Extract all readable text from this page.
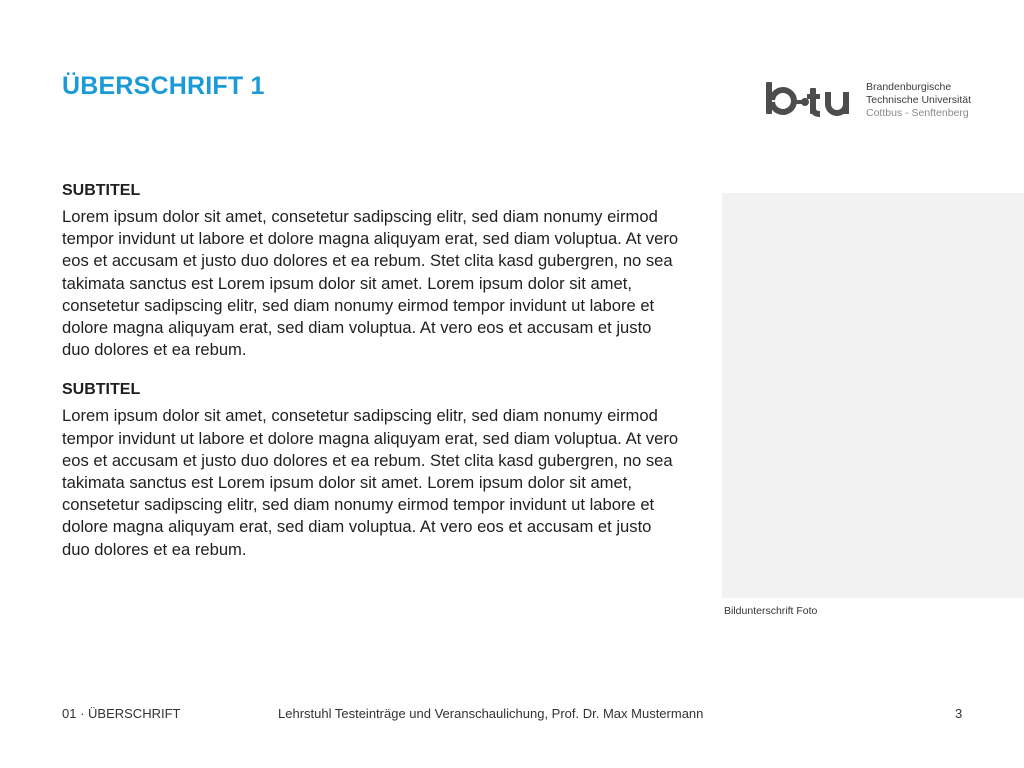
ÜBERSCHRIFT 1	Brandenburgische
Technische Universität
Cottbus - Senftenberg
SUBTITEL

Lorem ipsum dolor sit amet, consetetur sadipscing elitr, sed diam nonumy eirmod tempor invidunt ut labore et dolore magna aliquyam erat, sed diam voluptua. At vero eos et accusam et justo duo dolores et ea rebum. Stet clita kasd gubergren, no sea takimata sanctus est Lorem ipsum dolor sit amet. Lorem ipsum dolor sit amet, consetetur sadipscing elitr, sed diam nonumy eirmod tempor invidunt ut labore et dolore magna aliquyam erat, sed diam voluptua. At vero eos et accusam et justo duo dolores et ea rebum.

SUBTITEL

Lorem ipsum dolor sit amet, consetetur sadipscing elitr, sed diam nonumy eirmod tempor invidunt ut labore et dolore magna aliquyam erat, sed diam voluptua. At vero eos et accusam et justo duo dolores et ea rebum. Stet clita kasd gubergren, no sea takimata sanctus est Lorem ipsum dolor sit amet. Lorem ipsum dolor sit amet, consetetur sadipscing elitr, sed diam nonumy eirmod tempor invidunt ut labore et dolore magna aliquyam erat, sed diam voluptua. At vero eos et accusam et justo duo dolores et ea rebum.

Bildunterschrift Foto
01 · ÜBERSCHRIFT	Lehrstuhl Testeinträge und Veranschaulichung, Prof. Dr. Max Mustermann	3
